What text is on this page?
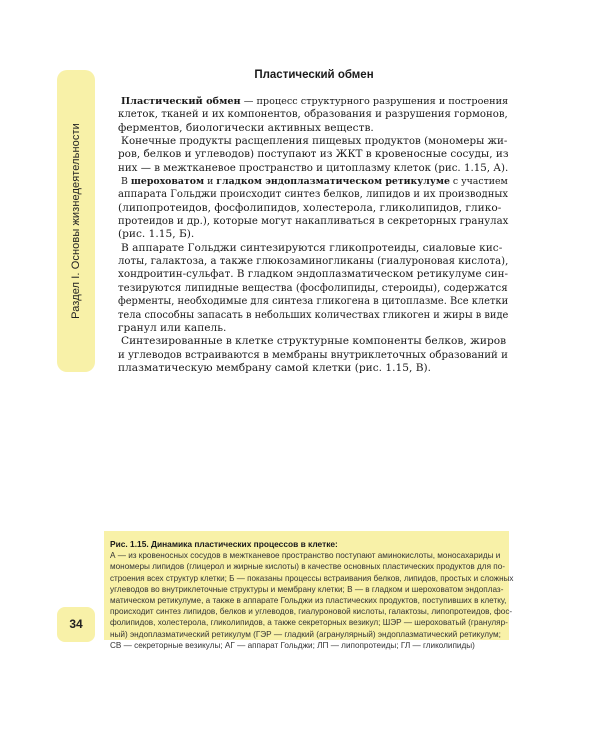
Раздел I. Основы жизнедеятельности
34
Пластический обмен

Пластический обмен — процесс структурного разрушения и построения
клеток, тканей и их компонентов, образования и разрушения гормонов,
ферментов, биологически активных веществ.

Конечные продукты расщепления пищевых продуктов (мономеры жи-
ров, белков и углеводов) поступают из ЖКТ в кровеносные сосуды, из
них — в межтканевое пространство и цитоплазму клеток (рис. 1.15, А).

В шероховатом и гладком эндоплазматическом ретикулуме с участием
аппарата Гольджи происходит синтез белков, липидов и их производных
(липопротеидов, фосфолипидов, холестерола, гликолипидов, глико-
протеидов и др.), которые могут накапливаться в секреторных гранулах
(рис. 1.15, Б).

В аппарате Гольджи синтезируются гликопротеиды, сиаловые кис-
лоты, галактоза, а также глюкозаминогликаны (гиалуроновая кислота),
хондроитин-сульфат. В гладком эндоплазматическом ретикулуме син-
тезируются липидные вещества (фосфолипиды, стероиды), содержатся
ферменты, необходимые для синтеза гликогена в цитоплазме. Все клетки
тела способны запасать в небольших количествах гликоген и жиры в виде
гранул или капель.

Синтезированные в клетке структурные компоненты белков, жиров
и углеводов встраиваются в мембраны внутриклеточных образований и
плазматическую мембрану самой клетки (рис. 1.15, В).

Рис. 1.15. Динамика пластических процессов в клетке:
А — из кровеносных сосудов в межтканевое пространство поступают аминокислоты, моносахариды и
мономеры липидов (глицерол и жирные кислоты) в качестве основных пластических продуктов для по-
строения всех структур клетки; Б — показаны процессы встраивания белков, липидов, простых и сложных
углеводов во внутриклеточные структуры и мембрану клетки; В — в гладком и шероховатом эндоплаз-
матическом ретикулуме, а также в аппарате Гольджи из пластических продуктов, поступивших в клетку,
происходит синтез липидов, белков и углеводов, гиалуроновой кислоты, галактозы, липопротеидов, фос-
фолипидов, холестерола, гликолипидов, а также секреторных везикул; ШЭР — шероховатый (грануляр-
ный) эндоплазматический ретикулум (ГЭР — гладкий (агранулярный) эндоплазматический ретикулум;
СВ — секреторные везикулы; АГ — аппарат Гольджи; ЛП — липопротеиды; ГЛ — гликолипиды)
